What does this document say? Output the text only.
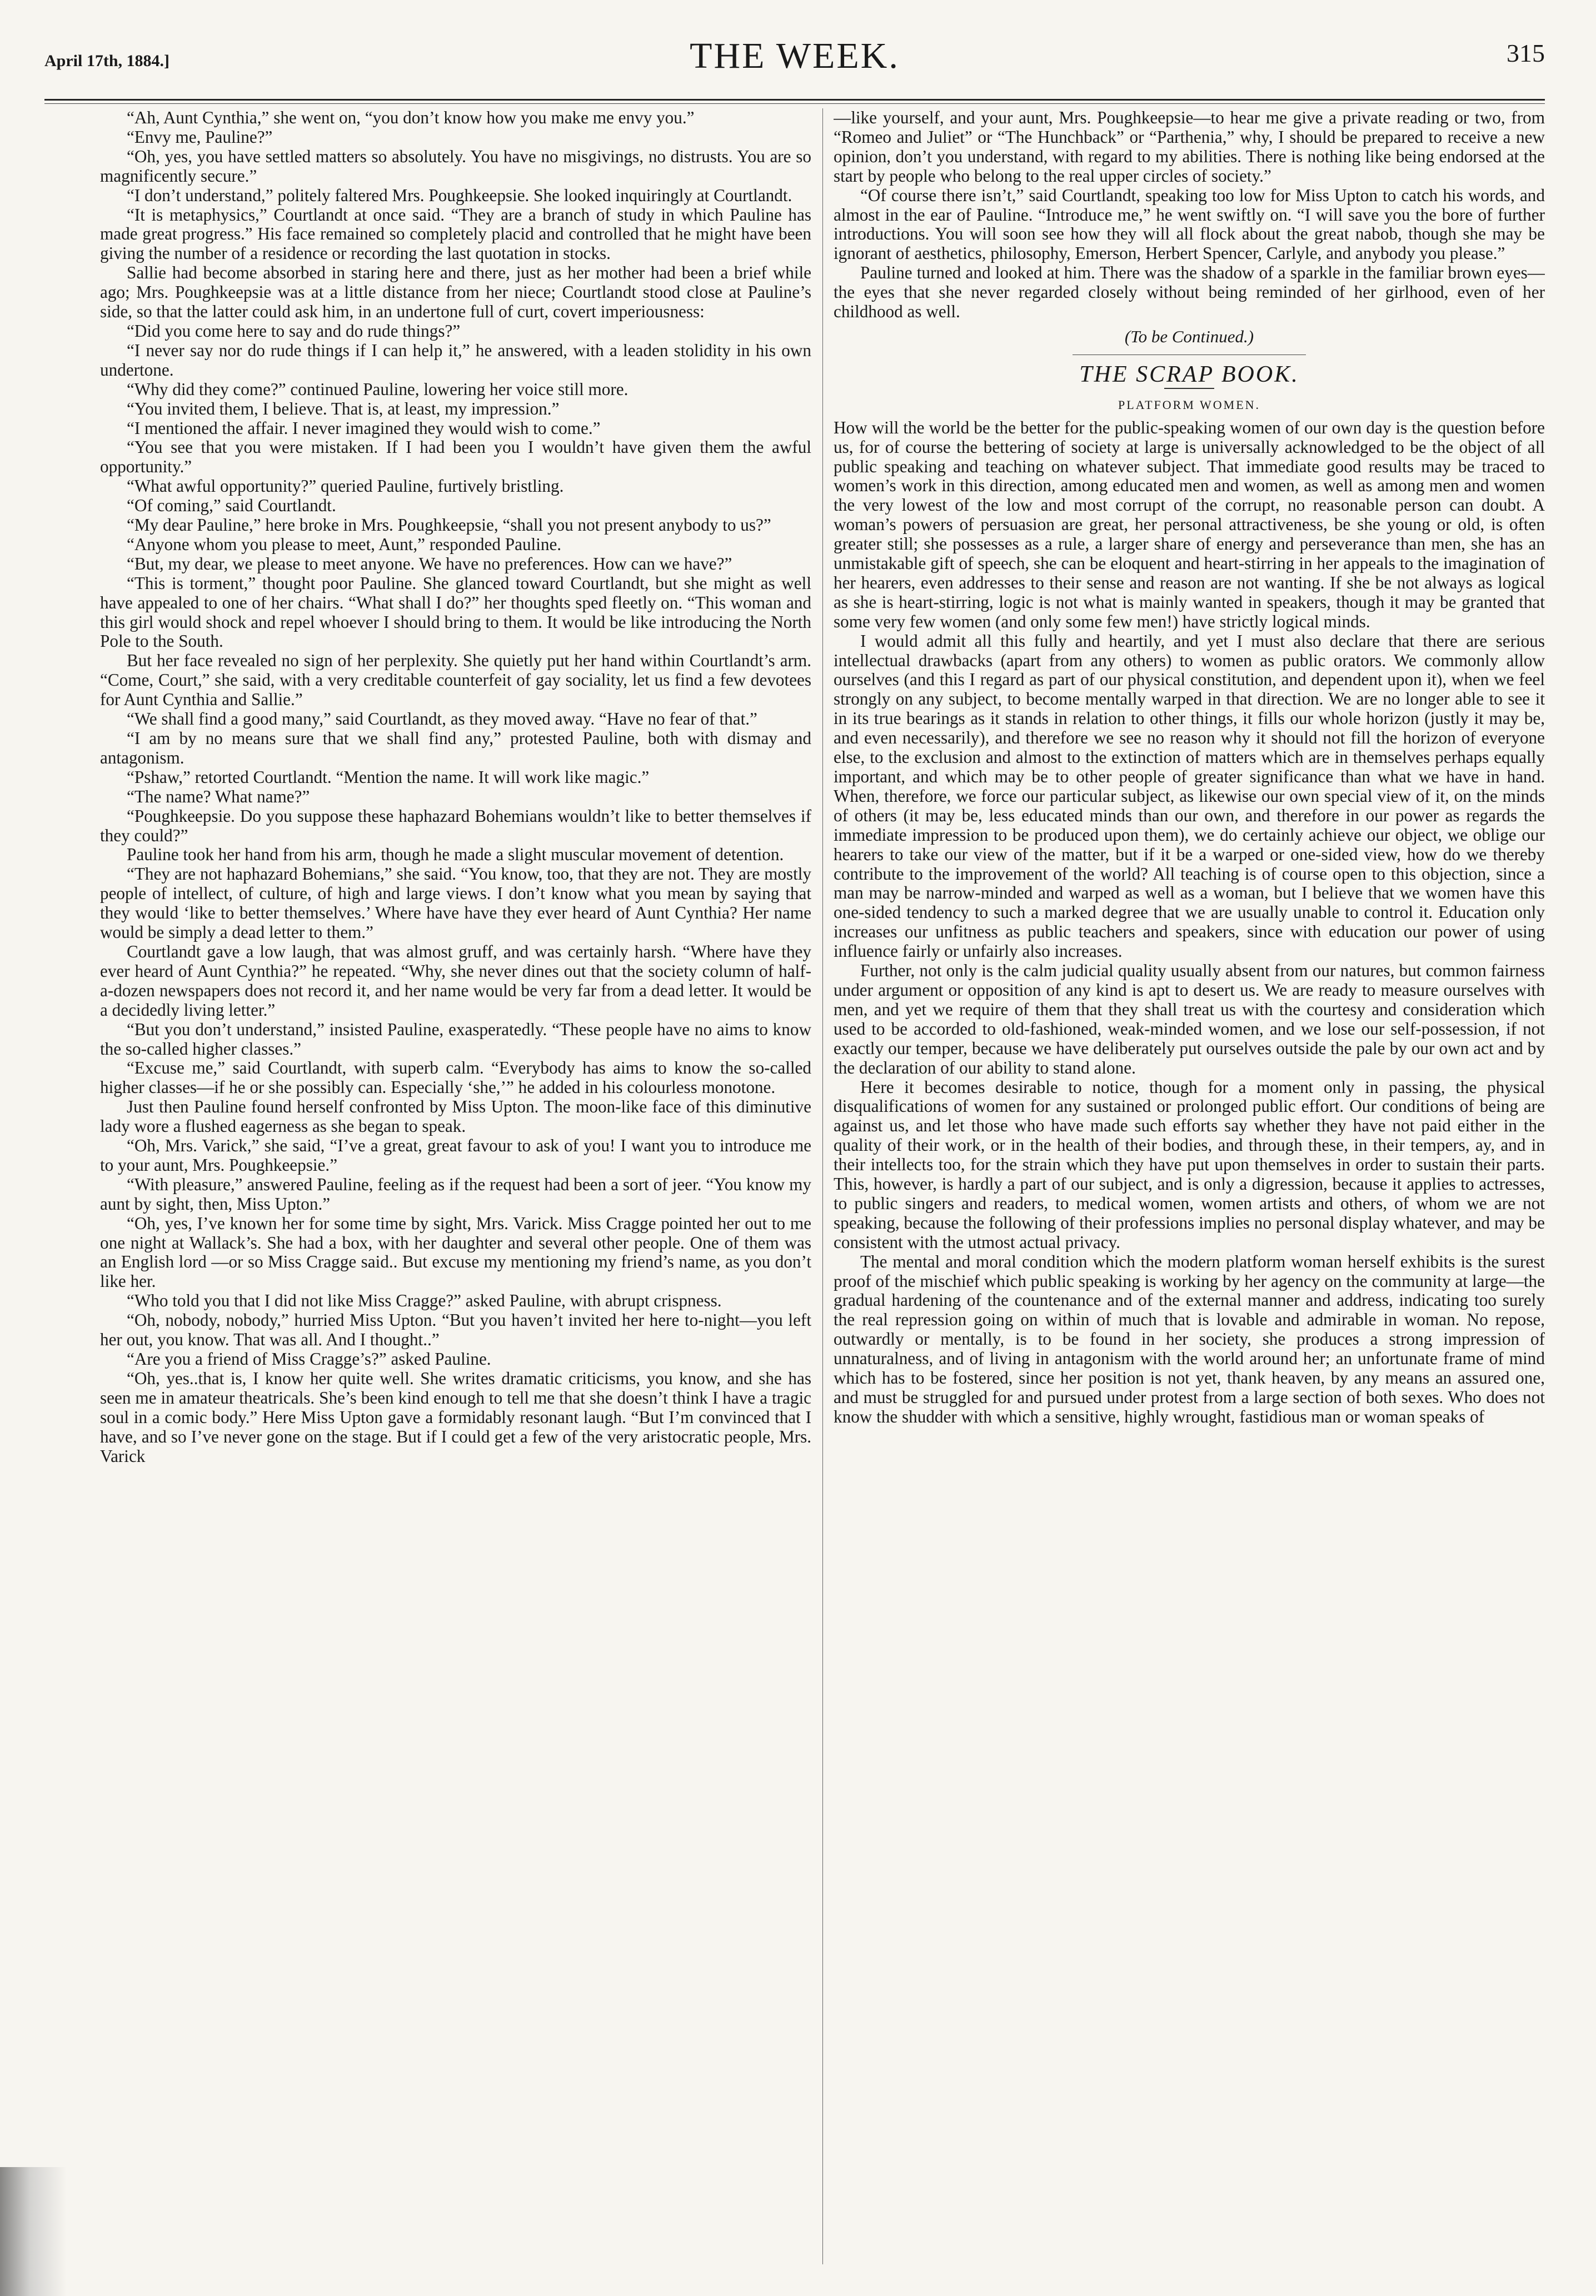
April 17th, 1884.]	THE WEEK.	315

“Ah, Aunt Cynthia,” she went on, “you don’t know how you make me envy you.”

“Envy me, Pauline?”

“Oh, yes, you have settled matters so absolutely. You have no misgivings, no distrusts. You are so magnificently secure.”

“I don’t understand,” politely faltered Mrs. Poughkeepsie. She looked inquiringly at Courtlandt.

“It is metaphysics,” Courtlandt at once said. “They are a branch of study in which Pauline has made great progress.” His face remained so completely placid and controlled that he might have been giving the number of a residence or recording the last quotation in stocks.

Sallie had become absorbed in staring here and there, just as her mother had been a brief while ago; Mrs. Poughkeepsie was at a little distance from her niece; Courtlandt stood close at Pauline’s side, so that the latter could ask him, in an undertone full of curt, covert imperiousness:

“Did you come here to say and do rude things?”

“I never say nor do rude things if I can help it,” he answered, with a leaden stolidity in his own undertone.

“Why did they come?” continued Pauline, lowering her voice still more.

“You invited them, I believe. That is, at least, my impression.”

“I mentioned the affair. I never imagined they would wish to come.”

“You see that you were mistaken. If I had been you I wouldn’t have given them the awful opportunity.”

“What awful opportunity?” queried Pauline, furtively bristling.

“Of coming,” said Courtlandt.

“My dear Pauline,” here broke in Mrs. Poughkeepsie, “shall you not present anybody to us?”

“Anyone whom you please to meet, Aunt,” responded Pauline.

“But, my dear, we please to meet anyone. We have no preferences. How can we have?”

“This is torment,” thought poor Pauline. She glanced toward Courtlandt, but she might as well have appealed to one of her chairs. “What shall I do?” her thoughts sped fleetly on. “This woman and this girl would shock and repel whoever I should bring to them. It would be like introducing the North Pole to the South.

But her face revealed no sign of her perplexity. She quietly put her hand within Courtlandt’s arm. “Come, Court,” she said, with a very creditable counterfeit of gay sociality, let us find a few devotees for Aunt Cynthia and Sallie.”

“We shall find a good many,” said Courtlandt, as they moved away. “Have no fear of that.”

“I am by no means sure that we shall find any,” protested Pauline, both with dismay and antagonism.

“Pshaw,” retorted Courtlandt. “Mention the name. It will work like magic.”

“The name? What name?”

“Poughkeepsie. Do you suppose these haphazard Bohemians wouldn’t like to better themselves if they could?”

Pauline took her hand from his arm, though he made a slight muscular movement of detention.

“They are not haphazard Bohemians,” she said. “You know, too, that they are not. They are mostly people of intellect, of culture, of high and large views. I don’t know what you mean by saying that they would ‘like to better themselves.’ Where have have they ever heard of Aunt Cynthia? Her name would be simply a dead letter to them.”

Courtlandt gave a low laugh, that was almost gruff, and was certainly harsh. “Where have they ever heard of Aunt Cynthia?” he repeated. “Why, she never dines out that the society column of half-a-dozen newspapers does not record it, and her name would be very far from a dead letter. It would be a decidedly living letter.”

“But you don’t understand,” insisted Pauline, exasperatedly. “These people have no aims to know the so-called higher classes.”

“Excuse me,” said Courtlandt, with superb calm. “Everybody has aims to know the so-called higher classes—if he or she possibly can. Especially ‘she,’” he added in his colourless monotone.

Just then Pauline found herself confronted by Miss Upton. The moon-like face of this diminutive lady wore a flushed eagerness as she began to speak.

“Oh, Mrs. Varick,” she said, “I’ve a great, great favour to ask of you! I want you to introduce me to your aunt, Mrs. Poughkeepsie.”

“With pleasure,” answered Pauline, feeling as if the request had been a sort of jeer. “You know my aunt by sight, then, Miss Upton.”

“Oh, yes, I’ve known her for some time by sight, Mrs. Varick. Miss Cragge pointed her out to me one night at Wallack’s. She had a box, with her daughter and several other people. One of them was an English lord —or so Miss Cragge said.. But excuse my mentioning my friend’s name, as you don’t like her.

“Who told you that I did not like Miss Cragge?” asked Pauline, with abrupt crispness.

“Oh, nobody, nobody,” hurried Miss Upton. “But you haven’t invited her here to-night—you left her out, you know. That was all. And I thought..”

“Are you a friend of Miss Cragge’s?” asked Pauline.

“Oh, yes..that is, I know her quite well. She writes dramatic criticisms, you know, and she has seen me in amateur theatricals. She’s been kind enough to tell me that she doesn’t think I have a tragic soul in a comic body.” Here Miss Upton gave a formidably resonant laugh. “But I’m convinced that I have, and so I’ve never gone on the stage. But if I could get a few of the very aristocratic people, Mrs. Varick

—like yourself, and your aunt, Mrs. Poughkeepsie—to hear me give a private reading or two, from “Romeo and Juliet” or “The Hunchback” or “Parthenia,” why, I should be prepared to receive a new opinion, don’t you understand, with regard to my abilities. There is nothing like being endorsed at the start by people who belong to the real upper circles of society.”

“Of course there isn’t,” said Courtlandt, speaking too low for Miss Upton to catch his words, and almost in the ear of Pauline. “Introduce me,” he went swiftly on. “I will save you the bore of further introductions. You will soon see how they will all flock about the great nabob, though she may be ignorant of aesthetics, philosophy, Emerson, Herbert Spencer, Carlyle, and anybody you please.”

Pauline turned and looked at him. There was the shadow of a sparkle in the familiar brown eyes—the eyes that she never regarded closely without being reminded of her girlhood, even of her childhood as well.

(To be Continued.)
THE SCRAP BOOK.
PLATFORM WOMEN.

How will the world be the better for the public-speaking women of our own day is the question before us, for of course the bettering of society at large is universally acknowledged to be the object of all public speaking and teaching on whatever subject. That immediate good results may be traced to women’s work in this direction, among educated men and women, as well as among men and women the very lowest of the low and most corrupt of the corrupt, no reasonable person can doubt. A woman’s powers of persuasion are great, her personal attractiveness, be she young or old, is often greater still; she possesses as a rule, a larger share of energy and perseverance than men, she has an unmistakable gift of speech, she can be eloquent and heart-stirring in her appeals to the imagination of her hearers, even addresses to their sense and reason are not wanting. If she be not always as logical as she is heart-stirring, logic is not what is mainly wanted in speakers, though it may be granted that some very few women (and only some few men!) have strictly logical minds.

I would admit all this fully and heartily, and yet I must also declare that there are serious intellectual drawbacks (apart from any others) to women as public orators. We commonly allow ourselves (and this I regard as part of our physical constitution, and dependent upon it), when we feel strongly on any subject, to become mentally warped in that direction. We are no longer able to see it in its true bearings as it stands in relation to other things, it fills our whole horizon (justly it may be, and even necessarily), and therefore we see no reason why it should not fill the horizon of everyone else, to the exclusion and almost to the extinction of matters which are in themselves perhaps equally important, and which may be to other people of greater significance than what we have in hand. When, therefore, we force our particular subject, as likewise our own special view of it, on the minds of others (it may be, less educated minds than our own, and therefore in our power as regards the immediate impression to be produced upon them), we do certainly achieve our object, we oblige our hearers to take our view of the matter, but if it be a warped or one-sided view, how do we thereby contribute to the improvement of the world? All teaching is of course open to this objection, since a man may be narrow-minded and warped as well as a woman, but I believe that we women have this one-sided tendency to such a marked degree that we are usually unable to control it. Education only increases our unfitness as public teachers and speakers, since with education our power of using influence fairly or unfairly also increases.

Further, not only is the calm judicial quality usually absent from our natures, but common fairness under argument or opposition of any kind is apt to desert us. We are ready to measure ourselves with men, and yet we require of them that they shall treat us with the courtesy and consideration which used to be accorded to old-fashioned, weak-minded women, and we lose our self-possession, if not exactly our temper, because we have deliberately put ourselves outside the pale by our own act and by the declaration of our ability to stand alone.

Here it becomes desirable to notice, though for a moment only in passing, the physical disqualifications of women for any sustained or prolonged public effort. Our conditions of being are against us, and let those who have made such efforts say whether they have not paid either in the quality of their work, or in the health of their bodies, and through these, in their tempers, ay, and in their intellects too, for the strain which they have put upon themselves in order to sustain their parts. This, however, is hardly a part of our subject, and is only a digression, because it applies to actresses, to public singers and readers, to medical women, women artists and others, of whom we are not speaking, because the following of their professions implies no personal display whatever, and may be consistent with the utmost actual privacy.

The mental and moral condition which the modern platform woman herself exhibits is the surest proof of the mischief which public speaking is working by her agency on the community at large—the gradual hardening of the countenance and of the external manner and address, indicating too surely the real repression going on within of much that is lovable and admirable in woman. No repose, outwardly or mentally, is to be found in her society, she produces a strong impression of unnaturalness, and of living in antagonism with the world around her; an unfortunate frame of mind which has to be fostered, since her position is not yet, thank heaven, by any means an assured one, and must be struggled for and pursued under protest from a large section of both sexes. Who does not know the shudder with which a sensitive, highly wrought, fastidious man or woman speaks of
